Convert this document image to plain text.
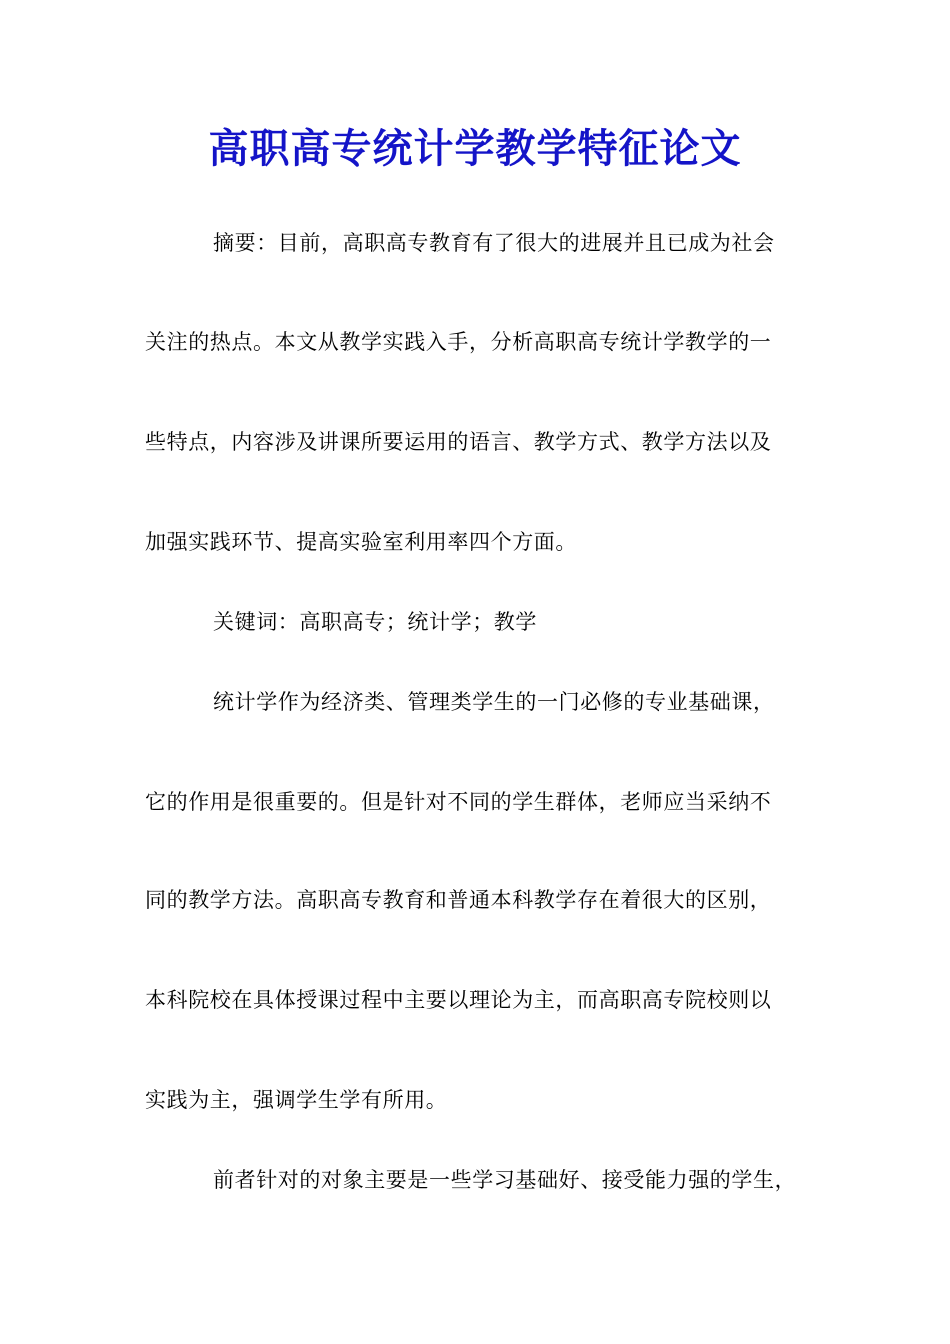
高职高专统计学教学特征论文
摘要：目前，高职高专教育有了很大的进展并且已成为社会
关注的热点。本文从教学实践入手，分析高职高专统计学教学的一
些特点，内容涉及讲课所要运用的语言、教学方式、教学方法以及
加强实践环节、提高实验室利用率四个方面。
关键词：高职高专；统计学；教学
统计学作为经济类、管理类学生的一门必修的专业基础课，
它的作用是很重要的。但是针对不同的学生群体，老师应当采纳不
同的教学方法。高职高专教育和普通本科教学存在着很大的区别，
本科院校在具体授课过程中主要以理论为主，而高职高专院校则以
实践为主，强调学生学有所用。
前者针对的对象主要是一些学习基础好、接受能力强的学生，
